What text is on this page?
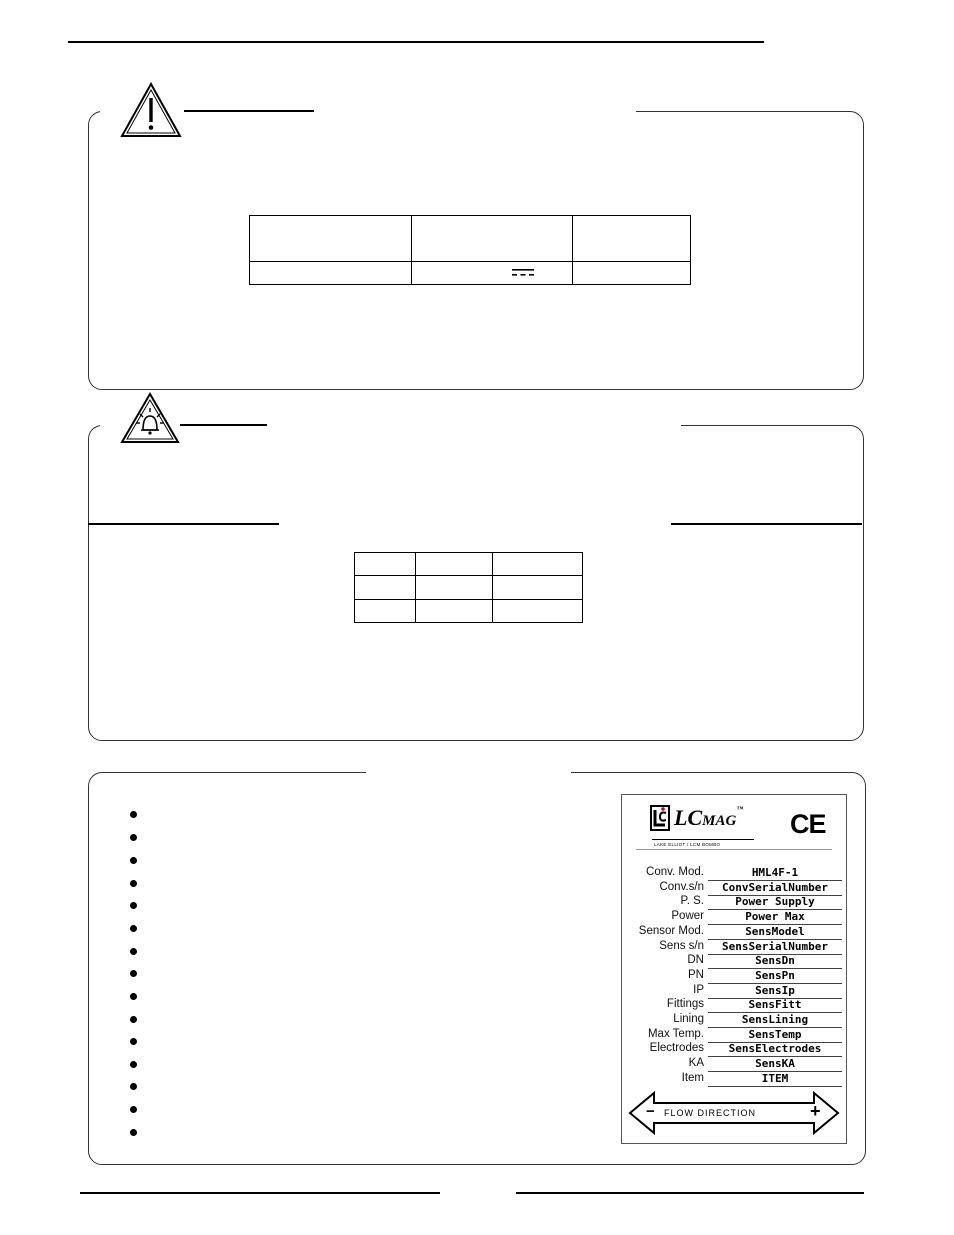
LCMAG™
LAKE ELLIOT / LCM BOMBO
CE
Conv. Mod.	HML4F-1
Conv.s/n	ConvSerialNumber
P. S.	Power Supply
Power	Power Max
Sensor Mod.	SensModel
Sens s/n	SensSerialNumber
DN	SensDn
PN	SensPn
IP	SensIp
Fittings	SensFitt
Lining	SensLining
Max Temp.	SensTemp
Electrodes	SensElectrodes
KA	SensKA
Item	ITEM
− FLOW DIRECTION	+
